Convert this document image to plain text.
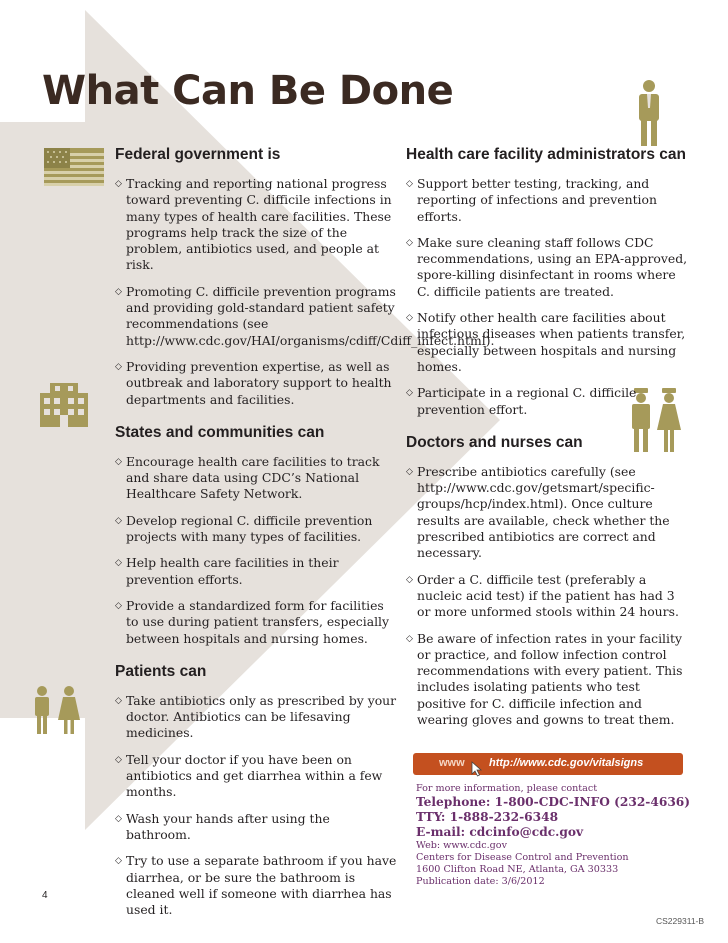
What Can Be Done
Federal government is
◇ Tracking and reporting national progress toward preventing C. difficile infections in many types of health care facilities. These programs help track the size of the problem, antibiotics used, and people at risk.
◇ Promoting C. difficile prevention programs and providing gold-standard patient safety recommendations (see http://www.cdc.gov/HAI/organisms/cdiff/Cdiff_infect.html).
◇ Providing prevention expertise, as well as outbreak and laboratory support to health departments and facilities.
States and communities can
◇ Encourage health care facilities to track and share data using CDC’s National Healthcare Safety Network.
◇ Develop regional C. difficile prevention projects with many types of facilities.
◇ Help health care facilities in their prevention efforts.
◇ Provide a standardized form for facilities to use during patient transfers, especially between hospitals and nursing homes.
Patients can
◇ Take antibiotics only as prescribed by your doctor. Antibiotics can be lifesaving medicines.
◇ Tell your doctor if you have been on antibiotics and get diarrhea within a few months.
◇ Wash your hands after using the bathroom.
◇ Try to use a separate bathroom if you have diarrhea, or be sure the bathroom is cleaned well if someone with diarrhea has used it.
Health care facility administrators can
◇ Support better testing, tracking, and reporting of infections and prevention efforts.
◇ Make sure cleaning staff follows CDC recommendations, using an EPA-approved, spore-killing disinfectant in rooms where C. difficile patients are treated.
◇ Notify other health care facilities about infectious diseases when patients transfer, especially between hospitals and nursing homes.
◇ Participate in a regional C. difficile prevention effort.
Doctors and nurses can
◇ Prescribe antibiotics carefully (see http://www.cdc.gov/getsmart/specific-groups/hcp/index.html). Once culture results are available, check whether the prescribed antibiotics are correct and necessary.
◇ Order a C. difficile test (preferably a nucleic acid test) if the patient has had 3 or more unformed stools within 24 hours.
◇ Be aware of infection rates in your facility or practice, and follow infection control recommendations with every patient. This includes isolating patients who test positive for C. difficile infection and wearing gloves and gowns to treat them.
www http://www.cdc.gov/vitalsigns
For more information, please contact
Telephone: 1-800-CDC-INFO (232-4636)
TTY: 1-888-232-6348
E-mail: cdcinfo@cdc.gov
Web: www.cdc.gov
Centers for Disease Control and Prevention
1600 Clifton Road NE, Atlanta, GA 30333
Publication date: 3/6/2012
4
CS229311-B
